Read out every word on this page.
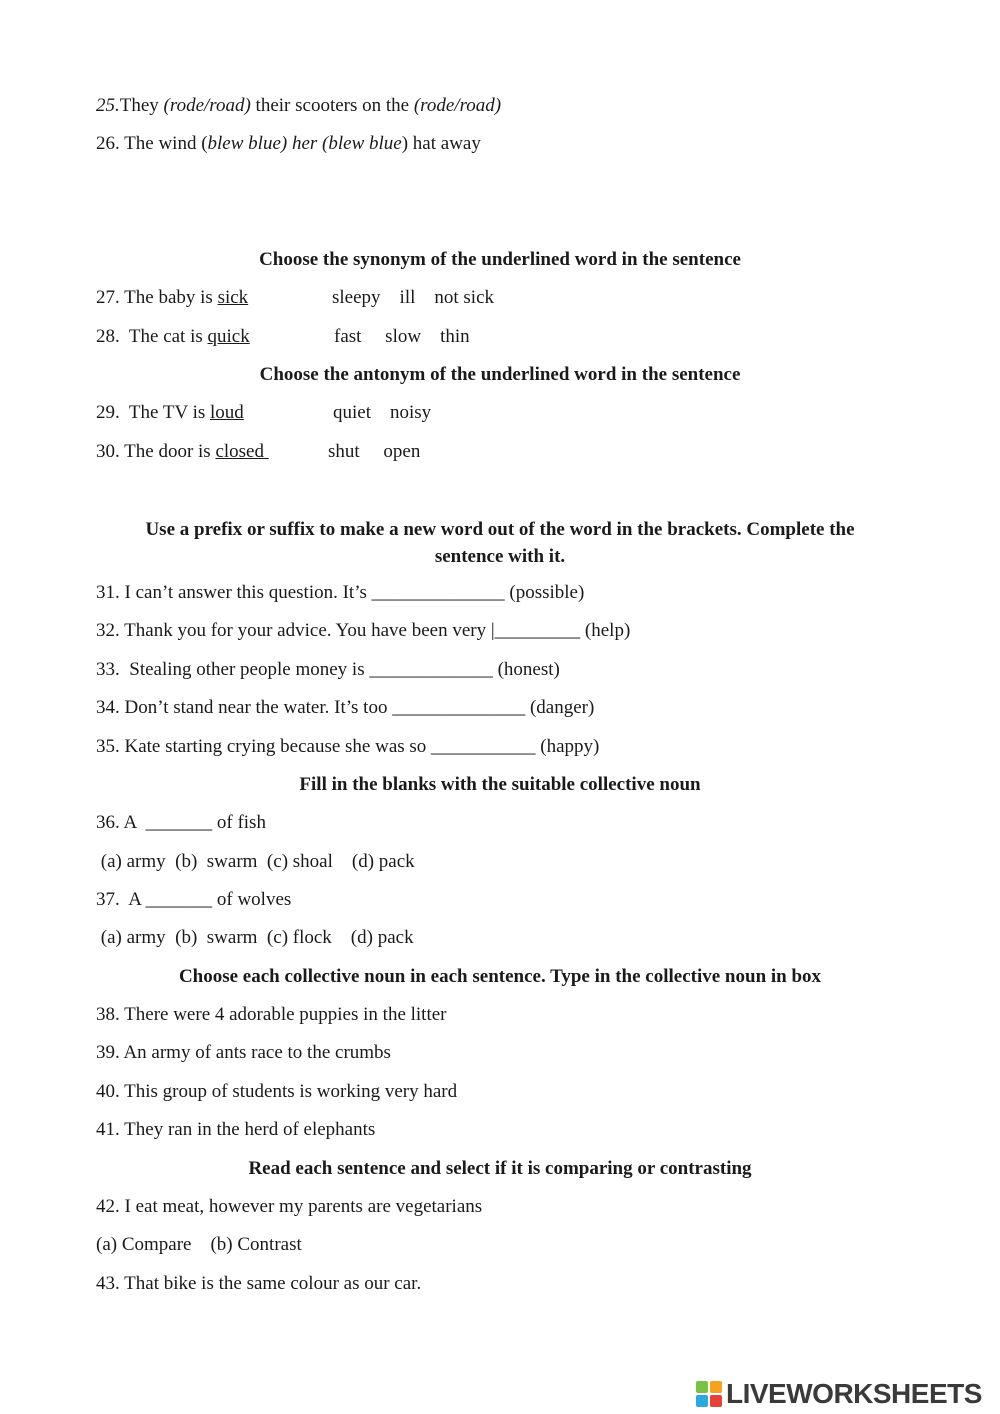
25.They (rode/road) their scooters on the (rode/road)
26. The wind (blew blue) her (blew blue) hat away
Choose the synonym of the underlined word in the sentence
27. The baby is sick	sleepy    ill    not sick
28.  The cat is quick	fast     slow    thin
Choose the antonym of the underlined word in the sentence
29.  The TV is loud	quiet    noisy
30. The door is closed	shut     open
Use a prefix or suffix to make a new word out of the word in the brackets. Complete the sentence with it.
31. I can’t answer this question. It’s ______________ (possible)
32. Thank you for your advice. You have been very |_________ (help)
33.  Stealing other people money is _____________ (honest)
34. Don’t stand near the water. It’s too ______________ (danger)
35. Kate starting crying because she was so ___________ (happy)
Fill in the blanks with the suitable collective noun
36. A  _______ of fish
(a) army  (b)  swarm  (c) shoal    (d) pack
37.  A _______ of wolves
(a) army  (b)  swarm  (c) flock    (d) pack
Choose each collective noun in each sentence. Type in the collective noun in box
38. There were 4 adorable puppies in the litter
39. An army of ants race to the crumbs
40. This group of students is working very hard
41. They ran in the herd of elephants
Read each sentence and select if it is comparing or contrasting
42. I eat meat, however my parents are vegetarians
(a) Compare    (b) Contrast
43. That bike is the same colour as our car.
LIVEWORKSHEETS
